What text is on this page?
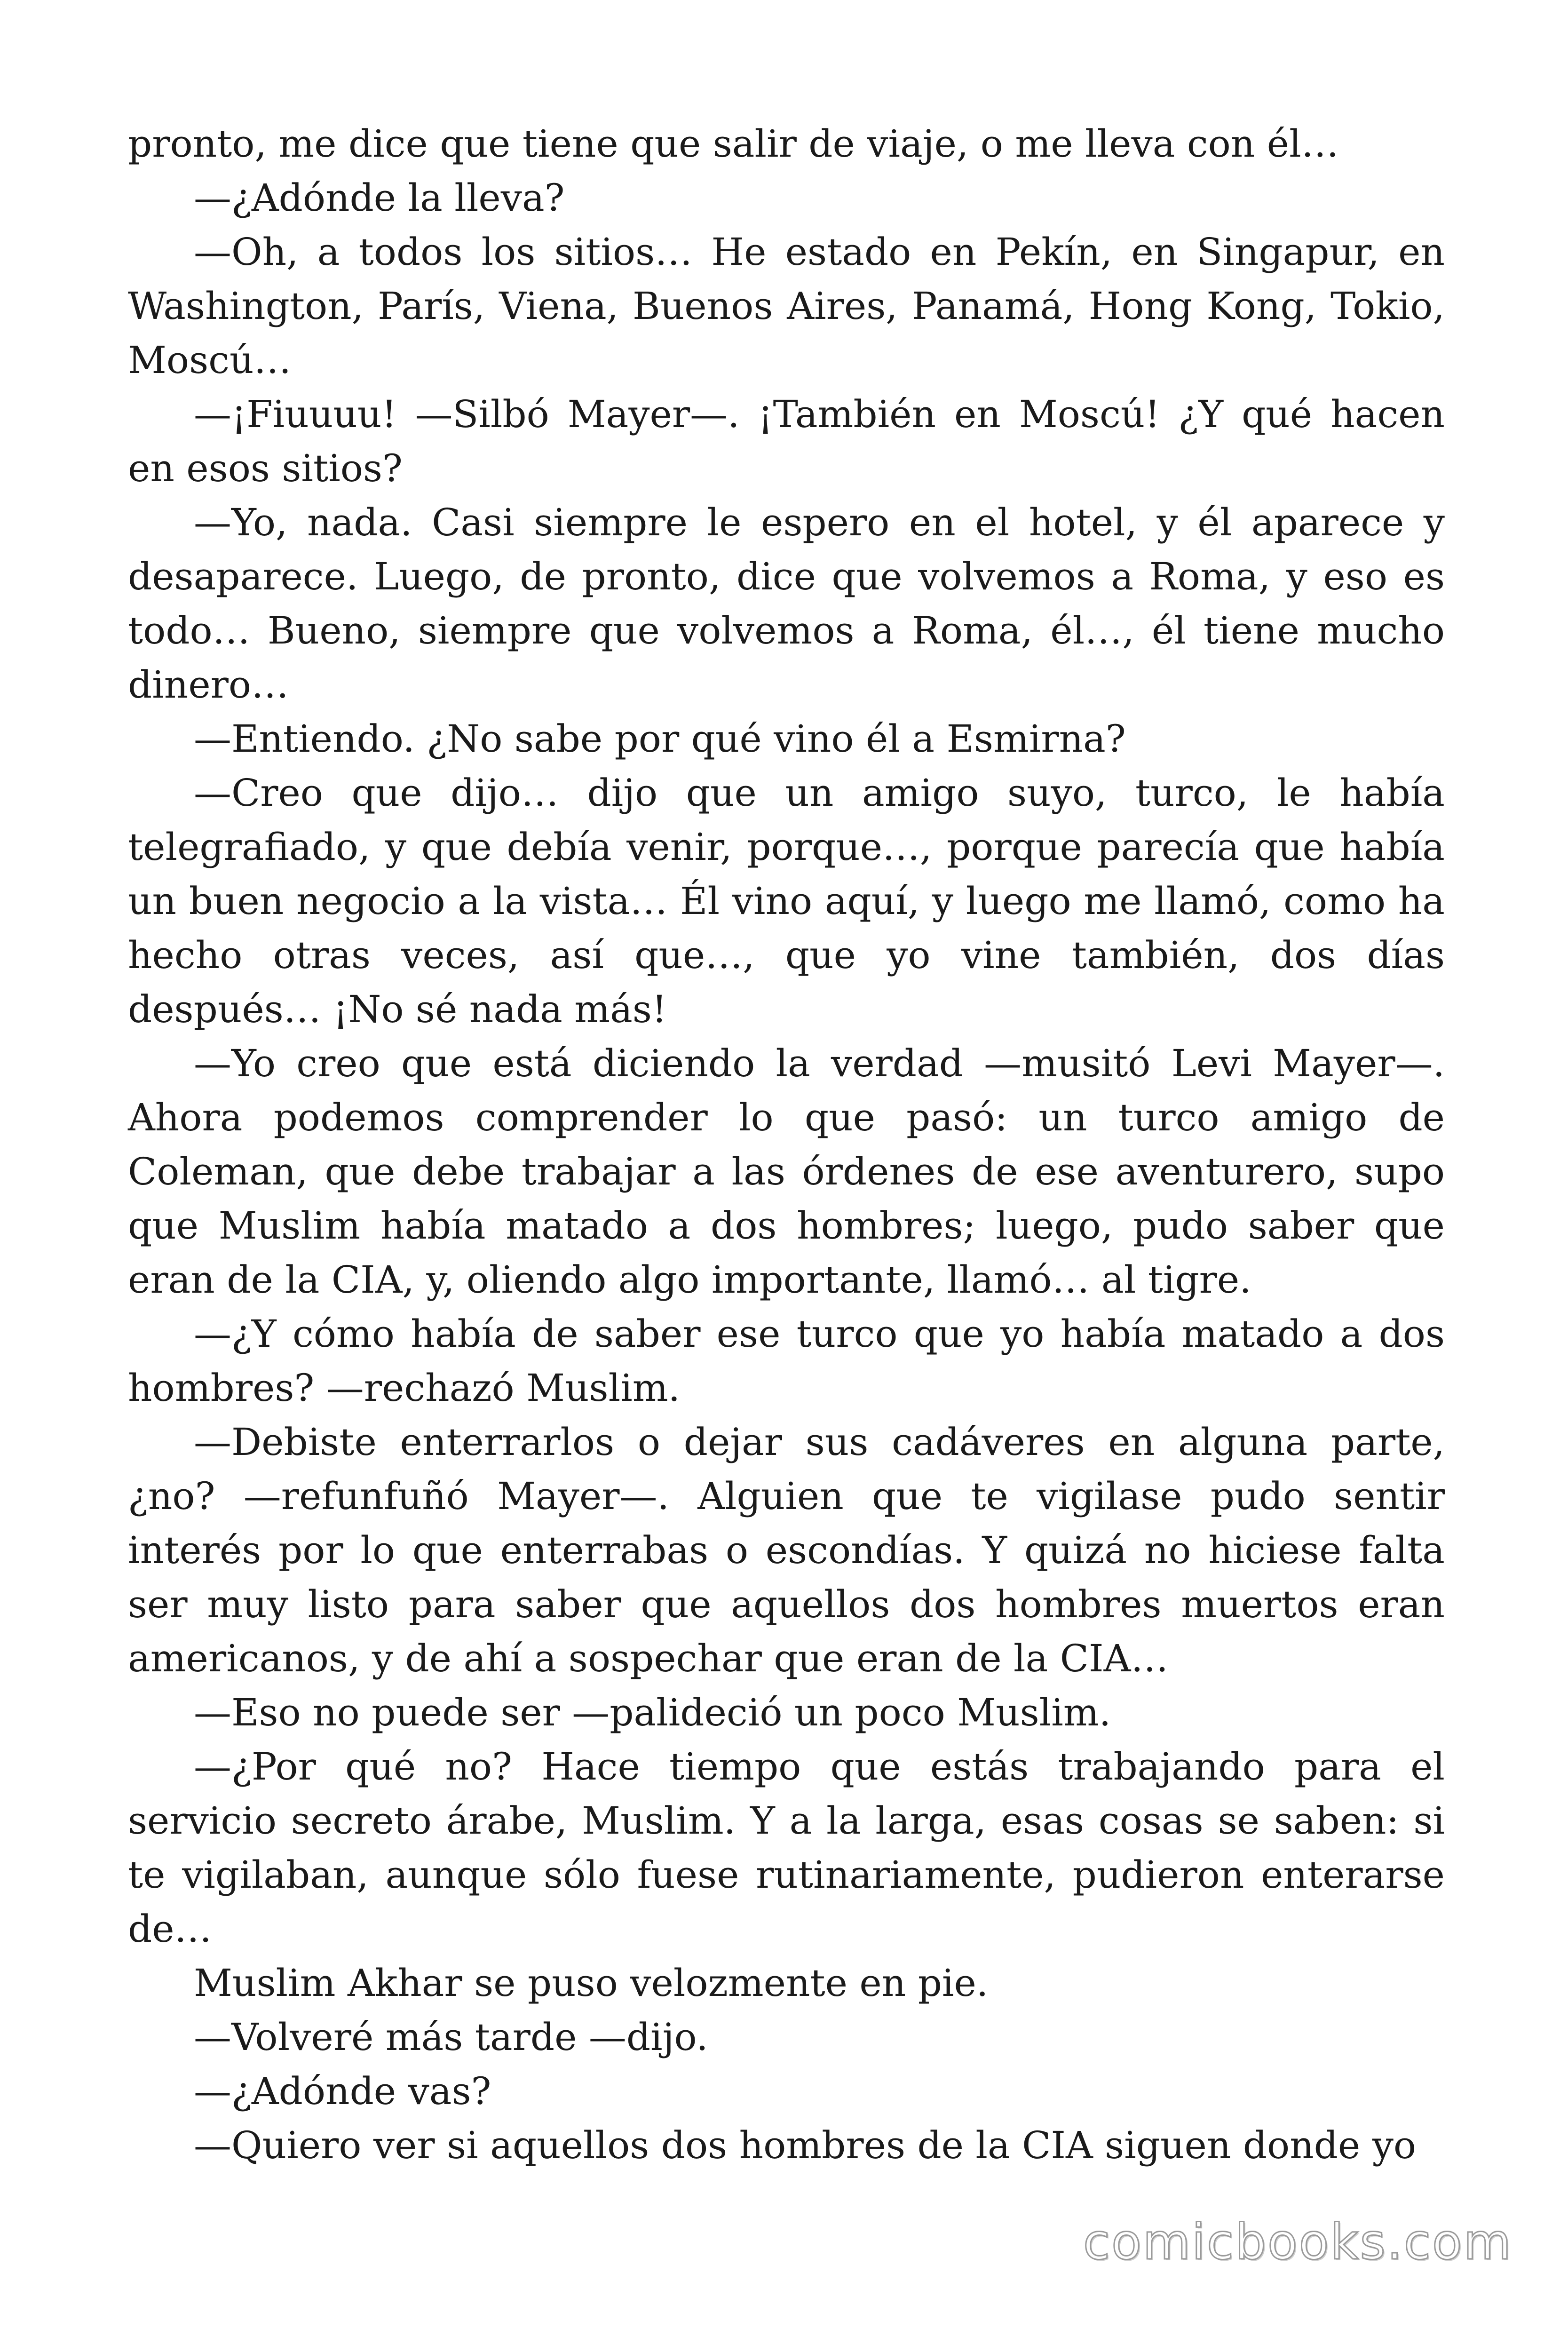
pronto, me dice que tiene que salir de viaje, o me lleva con él…

—¿Adónde la lleva?

—Oh, a todos los sitios… He estado en Pekín, en Singapur, en Washington, París, Viena, Buenos Aires, Panamá, Hong Kong, Tokio, Moscú…

—¡Fiuuuu! —Silbó Mayer—. ¡También en Moscú! ¿Y qué hacen en esos sitios?

—Yo, nada. Casi siempre le espero en el hotel, y él aparece y desaparece. Luego, de pronto, dice que volvemos a Roma, y eso es todo… Bueno, siempre que volvemos a Roma, él…, él tiene mucho dinero…

—Entiendo. ¿No sabe por qué vino él a Esmirna?

—Creo que dijo… dijo que un amigo suyo, turco, le había telegrafiado, y que debía venir, porque…, porque parecía que había un buen negocio a la vista… Él vino aquí, y luego me llamó, como ha hecho otras veces, así que…, que yo vine también, dos días después… ¡No sé nada más!

—Yo creo que está diciendo la verdad —musitó Levi Mayer—. Ahora podemos comprender lo que pasó: un turco amigo de Coleman, que debe trabajar a las órdenes de ese aventurero, supo que Muslim había matado a dos hombres; luego, pudo saber que eran de la CIA, y, oliendo algo importante, llamó… al tigre.

—¿Y cómo había de saber ese turco que yo había matado a dos hombres? —rechazó Muslim.

—Debiste enterrarlos o dejar sus cadáveres en alguna parte, ¿no? —refunfuñó Mayer—. Alguien que te vigilase pudo sentir interés por lo que enterrabas o escondías. Y quizá no hiciese falta ser muy listo para saber que aquellos dos hombres muertos eran americanos, y de ahí a sospechar que eran de la CIA…

—Eso no puede ser —palideció un poco Muslim.

—¿Por qué no? Hace tiempo que estás trabajando para el servicio secreto árabe, Muslim. Y a la larga, esas cosas se saben: si te vigilaban, aunque sólo fuese rutinariamente, pudieron enterarse de…

Muslim Akhar se puso velozmente en pie.

—Volveré más tarde —dijo.

—¿Adónde vas?

—Quiero ver si aquellos dos hombres de la CIA siguen donde yo

comicbooks.com
